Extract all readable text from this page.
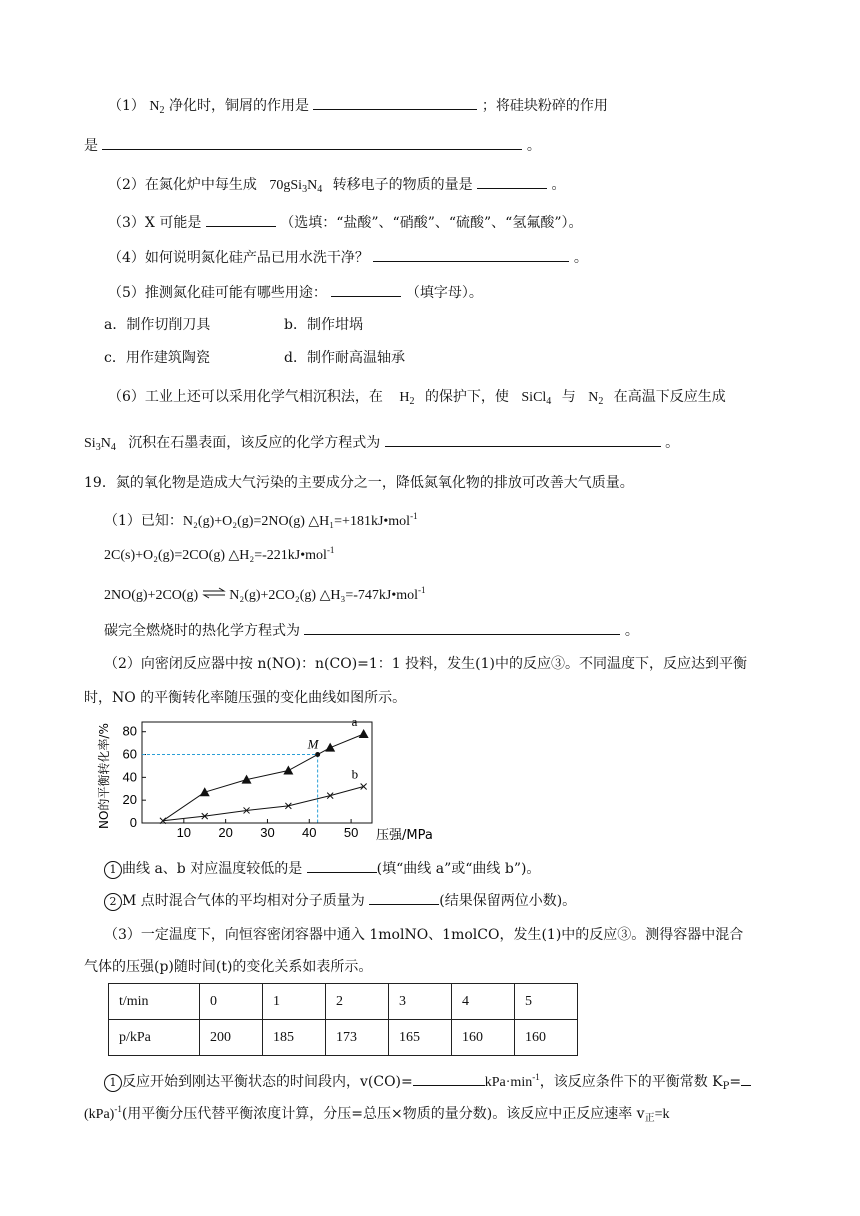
（1） $N_2$ 净化时，铜屑的作用是	；将硅块粉碎的作用
是	。
（2）在氮化炉中每生成 $70gSi_3N_4$ 转移电子的物质的量是	。
（3）X 可能是	（选填：“盐酸”、“硝酸”、“硫酸”、“氢氟酸”）。
（4）如何说明氮化硅产品已用水洗干净？	。
（5）推测氮化硅可能有哪些用途：	（填字母）。
a．制作切削刀具	b．制作坩埚
c．用作建筑陶瓷	d．制作耐高温轴承
（6）工业上还可以采用化学气相沉积法，在 $H_2$ 的保护下，使 SiCl$_4$ 与 $N_2$ 在高温下反应生成
$Si_3N_4$ 沉积在石墨表面，该反应的化学方程式为	。
19．氮的氧化物是造成大气污染的主要成分之一，降低氮氧化物的排放可改善大气质量。
（1）已知：N₂(g)+O₂(g)=2NO(g) △H₁=+181kJ•mol$^{-1}$
2C(s)+O₂(g)=2CO(g) △H₂=-221kJ•mol$^{-1}$
2NO(g)+2CO(g) ⇌ N₂(g)+2CO₂(g) △H₃=-747kJ•mol$^{-1}$
碳完全燃烧时的热化学方程式为	。
（2）向密闭反应器中按 n(NO)：n(CO)=1：1 投料，发生(1)中的反应③。不同温度下，反应达到平衡
时，NO 的平衡转化率随压强的变化曲线如图所示。
0
20
40
60
80
10 20 30 40 50 压强/MPa
NO的平衡转化率/%
a
b
M
1 曲线 a、b 对应温度较低的是	(填“曲线 a”或“曲线 b”)。
2 M 点时混合气体的平均相对分子质量为	(结果保留两位小数)。
（3）一定温度下，向恒容密闭容器中通入 1molNO、1molCO，发生(1)中的反应③。测得容器中混合
气体的压强(p)随时间(t)的变化关系如表所示。
t/min	0	1	2	3	4	5
p/kPa	200	185	173	165	160	160
1 反应开始到刚达平衡状态的时间段内，v(CO)=	$kPa\cdot\min^{-1}$，该反应条件下的平衡常数 $K_P=$
(kPa)$^{-1}$(用平衡分压代替平衡浓度计算，分压=总压×物质的量分数)。该反应中正反应速率 $v_正=k$
